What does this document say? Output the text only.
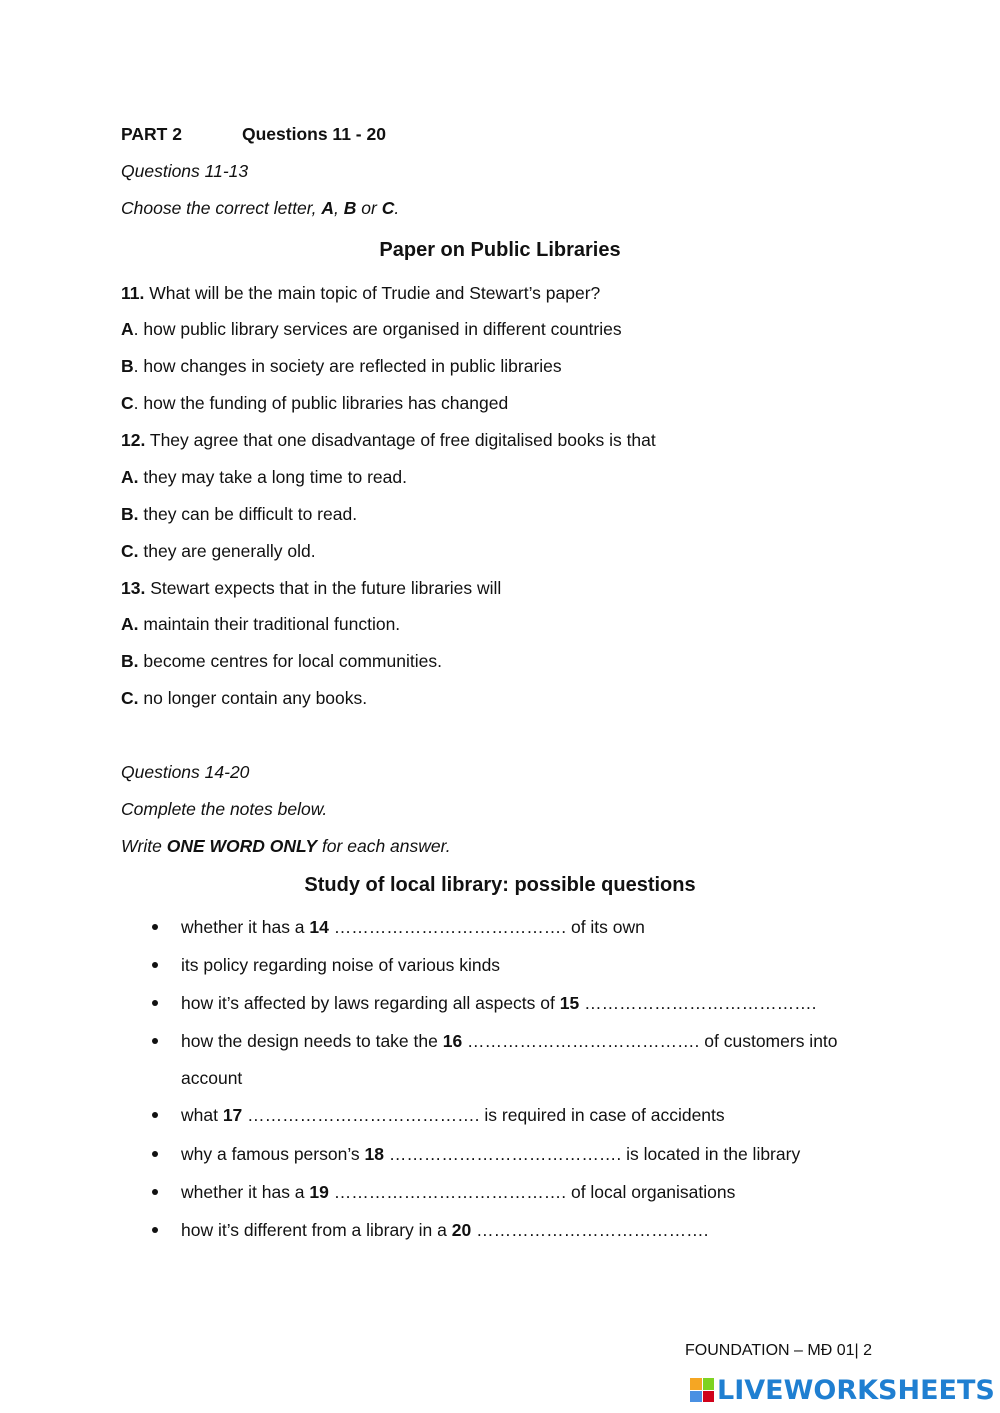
PART 2	Questions 11 - 20
Questions 11-13
Choose the correct letter, A, B or C.
Paper on Public Libraries
11. What will be the main topic of Trudie and Stewart’s paper?
A. how public library services are organised in different countries
B. how changes in society are reflected in public libraries
C. how the funding of public libraries has changed
12. They agree that one disadvantage of free digitalised books is that
A. they may take a long time to read.
B. they can be difficult to read.
C. they are generally old.
13. Stewart expects that in the future libraries will
A. maintain their traditional function.
B. become centres for local communities.
C. no longer contain any books.
Questions 14-20
Complete the notes below.
Write ONE WORD ONLY for each answer.
Study of local library: possible questions
whether it has a 14 …………………………………. of its own
its policy regarding noise of various kinds
how it’s affected by laws regarding all aspects of 15 ………………………………….
how the design needs to take the 16 …………………………………. of customers into
account
what 17 …………………………………. is required in case of accidents
why a famous person’s 18 …………………………………. is located in the library
whether it has a 19 …………………………………. of local organisations
how it’s different from a library in a 20 ………………………………….
FOUNDATION – MĐ 01| 2
LIVEWORKSHEETS
